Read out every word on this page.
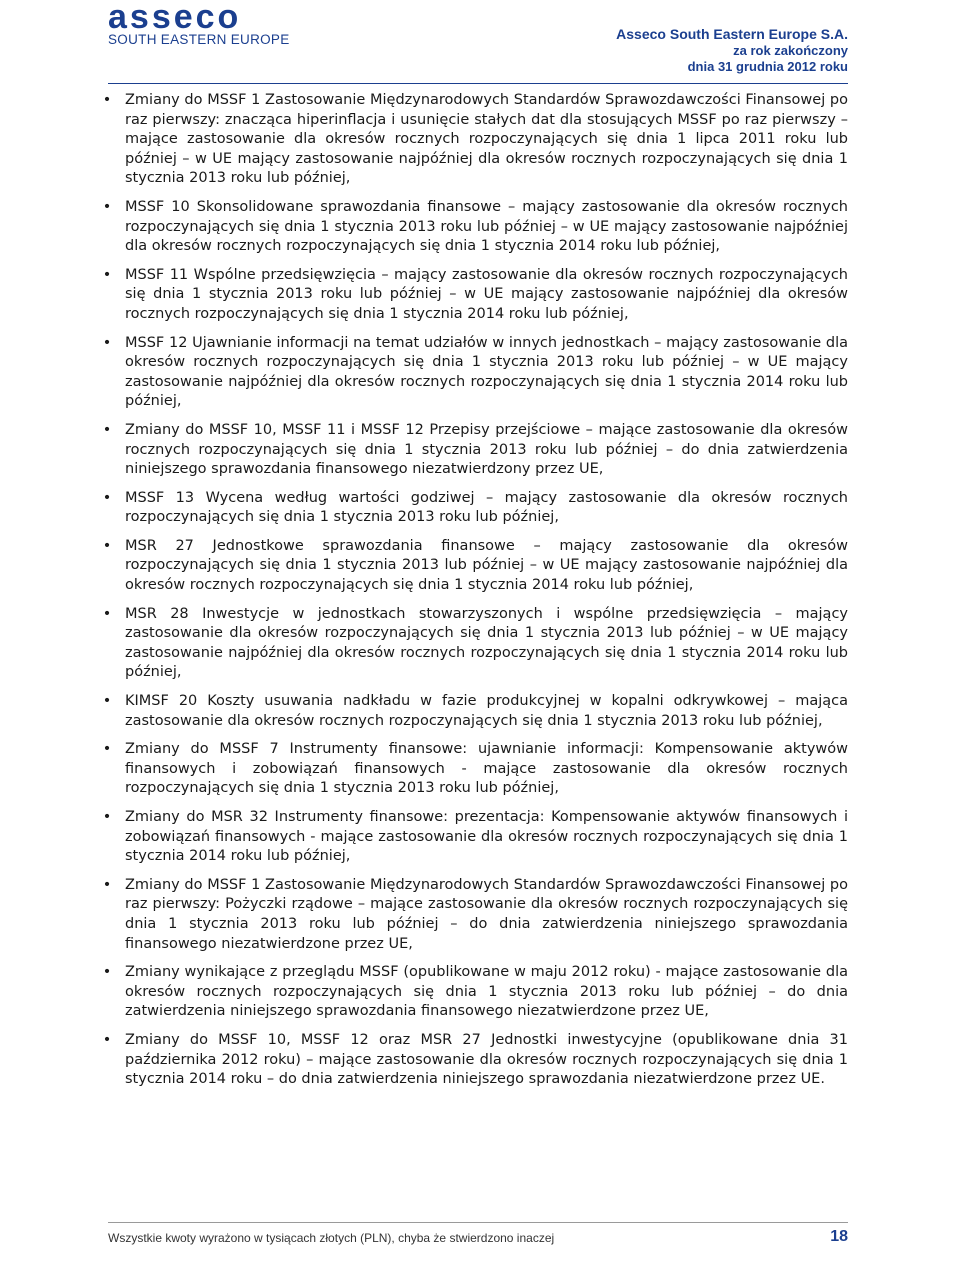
asseco
SOUTH EASTERN EUROPE	Asseco South Eastern Europe S.A.
za rok zakończony
dnia 31 grudnia 2012 roku
• Zmiany do MSSF 1 Zastosowanie Międzynarodowych Standardów Sprawozdawczości Finansowej po raz pierwszy: znacząca hiperinflacja i usunięcie stałych dat dla stosujących MSSF po raz pierwszy – mające zastosowanie dla okresów rocznych rozpoczynających się dnia 1 lipca 2011 roku lub później – w UE mający zastosowanie najpóźniej dla okresów rocznych rozpoczynających się dnia 1 stycznia 2013 roku lub później,
• MSSF 10 Skonsolidowane sprawozdania finansowe – mający zastosowanie dla okresów rocznych rozpoczynających się dnia 1 stycznia 2013 roku lub później – w UE mający zastosowanie najpóźniej dla okresów rocznych rozpoczynających się dnia 1 stycznia 2014 roku lub później,
• MSSF 11 Wspólne przedsięwzięcia – mający zastosowanie dla okresów rocznych rozpoczynających się dnia 1 stycznia 2013 roku lub później – w UE mający zastosowanie najpóźniej dla okresów rocznych rozpoczynających się dnia 1 stycznia 2014 roku lub później,
• MSSF 12 Ujawnianie informacji na temat udziałów w innych jednostkach – mający zastosowanie dla okresów rocznych rozpoczynających się dnia 1 stycznia 2013 roku lub później – w UE mający zastosowanie najpóźniej dla okresów rocznych rozpoczynających się dnia 1 stycznia 2014 roku lub później,
• Zmiany do MSSF 10, MSSF 11 i MSSF 12 Przepisy przejściowe – mające zastosowanie dla okresów rocznych rozpoczynających się dnia 1 stycznia 2013 roku lub później – do dnia zatwierdzenia niniejszego sprawozdania finansowego niezatwierdzony przez UE,
• MSSF 13 Wycena według wartości godziwej – mający zastosowanie dla okresów rocznych rozpoczynających się dnia 1 stycznia 2013 roku lub później,
• MSR 27 Jednostkowe sprawozdania finansowe – mający zastosowanie dla okresów rozpoczynających się dnia 1 stycznia 2013 lub później – w UE mający zastosowanie najpóźniej dla okresów rocznych rozpoczynających się dnia 1 stycznia 2014 roku lub później,
• MSR 28 Inwestycje w jednostkach stowarzyszonych i wspólne przedsięwzięcia – mający zastosowanie dla okresów rozpoczynających się dnia 1 stycznia 2013 lub później – w UE mający zastosowanie najpóźniej dla okresów rocznych rozpoczynających się dnia 1 stycznia 2014 roku lub później,
• KIMSF 20 Koszty usuwania nadkładu w fazie produkcyjnej w kopalni odkrywkowej – mająca zastosowanie dla okresów rocznych rozpoczynających się dnia 1 stycznia 2013 roku lub później,
• Zmiany do MSSF 7 Instrumenty finansowe: ujawnianie informacji: Kompensowanie aktywów finansowych i zobowiązań finansowych - mające zastosowanie dla okresów rocznych rozpoczynających się dnia 1 stycznia 2013 roku lub później,
• Zmiany do MSR 32 Instrumenty finansowe: prezentacja: Kompensowanie aktywów finansowych i zobowiązań finansowych - mające zastosowanie dla okresów rocznych rozpoczynających się dnia 1 stycznia 2014 roku lub później,
• Zmiany do MSSF 1 Zastosowanie Międzynarodowych Standardów Sprawozdawczości Finansowej po raz pierwszy: Pożyczki rządowe – mające zastosowanie dla okresów rocznych rozpoczynających się dnia 1 stycznia 2013 roku lub później – do dnia zatwierdzenia niniejszego sprawozdania finansowego niezatwierdzone przez UE,
• Zmiany wynikające z przeglądu MSSF (opublikowane w maju 2012 roku) - mające zastosowanie dla okresów rocznych rozpoczynających się dnia 1 stycznia 2013 roku lub później – do dnia zatwierdzenia niniejszego sprawozdania finansowego niezatwierdzone przez UE,
• Zmiany do MSSF 10, MSSF 12 oraz MSR 27 Jednostki inwestycyjne (opublikowane dnia 31 października 2012 roku) – mające zastosowanie dla okresów rocznych rozpoczynających się dnia 1 stycznia 2014 roku – do dnia zatwierdzenia niniejszego sprawozdania niezatwierdzone przez UE.
Wszystkie kwoty wyrażono w tysiącach złotych (PLN), chyba że stwierdzono inaczej	18
